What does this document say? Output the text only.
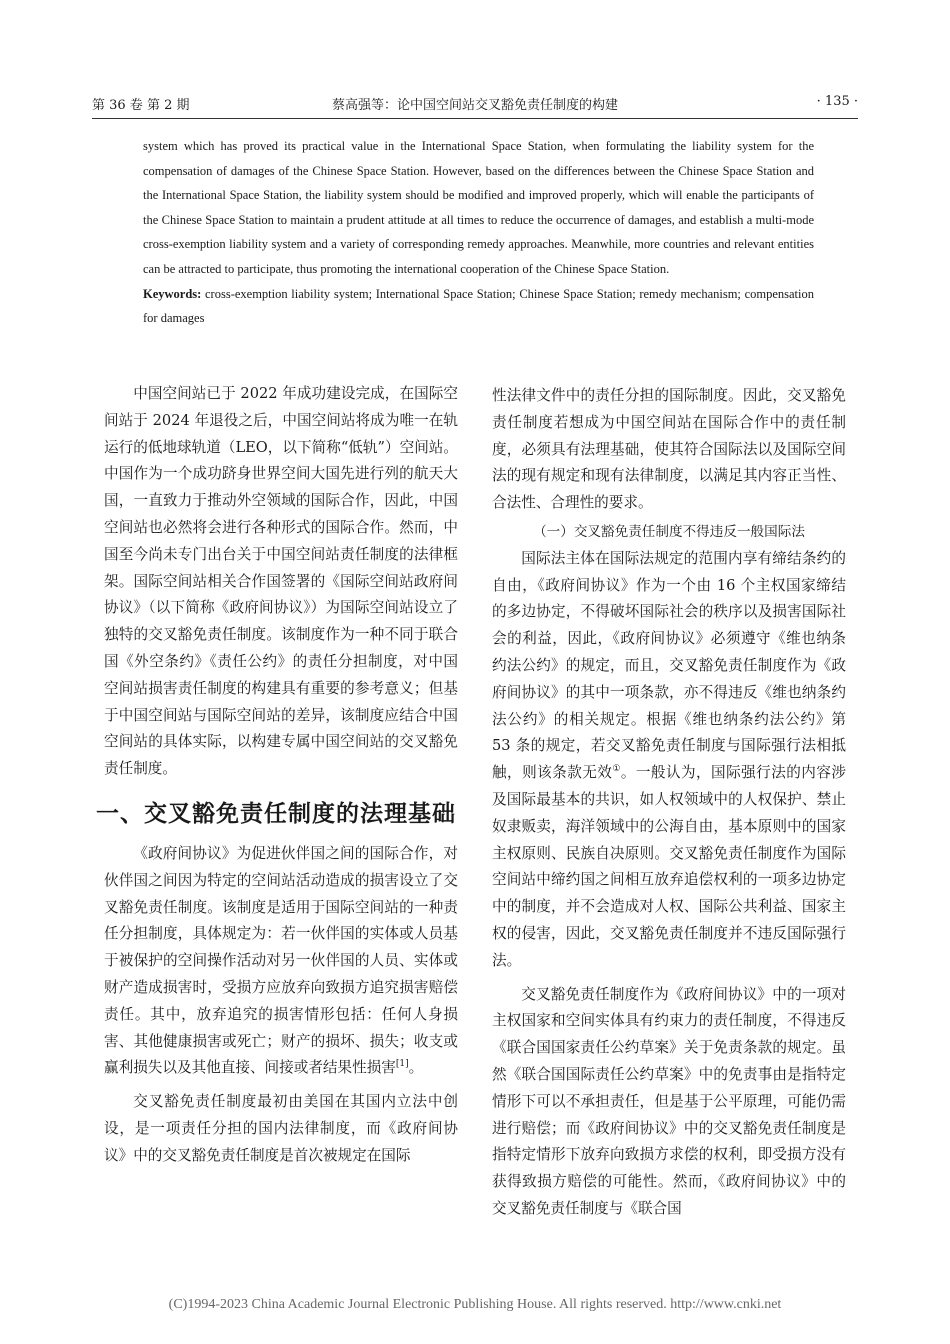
蔡高强等：论中国空间站交叉豁免责任制度的构建
第 36 卷 第 2 期	· 135 ·

system which has proved its practical value in the International Space Station, when formulating the liability system for the compensation of damages of the Chinese Space Station. However, based on the differences between the Chinese Space Station and the International Space Station, the liability system should be modified and improved properly, which will enable the participants of the Chinese Space Station to maintain a prudent attitude at all times to reduce the occurrence of damages, and establish a multi-mode cross-exemption liability system and a variety of corresponding remedy approaches. Meanwhile, more countries and relevant entities can be attracted to participate, thus promoting the international cooperation of the Chinese Space Station.

Keywords: cross-exemption liability system; International Space Station; Chinese Space Station; remedy mechanism; compensation for damages

中国空间站已于 2022 年成功建设完成，在国际空间站于 2024 年退役之后，中国空间站将成为唯一在轨运行的低地球轨道（LEO，以下简称“低轨”）空间站。中国作为一个成功跻身世界空间大国先进行列的航天大国，一直致力于推动外空领域的国际合作，因此，中国空间站也必然将会进行各种形式的国际合作。然而，中国至今尚未专门出台关于中国空间站责任制度的法律框架。国际空间站相关合作国签署的《国际空间站政府间协议》（以下简称《政府间协议》）为国际空间站设立了独特的交叉豁免责任制度。该制度作为一种不同于联合国《外空条约》《责任公约》的责任分担制度，对中国空间站损害责任制度的构建具有重要的参考意义；但基于中国空间站与国际空间站的差异，该制度应结合中国空间站的具体实际，以构建专属中国空间站的交叉豁免责任制度。

一、交叉豁免责任制度的法理基础

《政府间协议》为促进伙伴国之间的国际合作，对伙伴国之间因为特定的空间站活动造成的损害设立了交叉豁免责任制度。该制度是适用于国际空间站的一种责任分担制度，具体规定为：若一伙伴国的实体或人员基于被保护的空间操作活动对另一伙伴国的人员、实体或财产造成损害时，受损方应放弃向致损方追究损害赔偿责任。其中，放弃追究的损害情形包括：任何人身损害、其他健康损害或死亡；财产的损坏、损失；收支或赢利损失以及其他直接、间接或者结果性损害[1]。

交叉豁免责任制度最初由美国在其国内立法中创设，是一项责任分担的国内法律制度，而《政府间协议》中的交叉豁免责任制度是首次被规定在国际

性法律文件中的责任分担的国际制度。因此，交叉豁免责任制度若想成为中国空间站在国际合作中的责任制度，必须具有法理基础，使其符合国际法以及国际空间法的现有规定和现有法律制度，以满足其内容正当性、合法性、合理性的要求。

（一）交叉豁免责任制度不得违反一般国际法

国际法主体在国际法规定的范围内享有缔结条约的自由，《政府间协议》作为一个由 16 个主权国家缔结的多边协定，不得破坏国际社会的秩序以及损害国际社会的利益，因此，《政府间协议》必须遵守《维也纳条约法公约》的规定，而且，交叉豁免责任制度作为《政府间协议》的其中一项条款，亦不得违反《维也纳条约法公约》的相关规定。根据《维也纳条约法公约》第 53 条的规定，若交叉豁免责任制度与国际强行法相抵触，则该条款无效①。一般认为，国际强行法的内容涉及国际最基本的共识，如人权领域中的人权保护、禁止奴隶贩卖，海洋领域中的公海自由，基本原则中的国家主权原则、民族自决原则。交叉豁免责任制度作为国际空间站中缔约国之间相互放弃追偿权利的一项多边协定中的制度，并不会造成对人权、国际公共利益、国家主权的侵害，因此，交叉豁免责任制度并不违反国际强行法。

交叉豁免责任制度作为《政府间协议》中的一项对主权国家和空间实体具有约束力的责任制度，不得违反《联合国国家责任公约草案》关于免责条款的规定。虽然《联合国国际责任公约草案》中的免责事由是指特定情形下可以不承担责任，但是基于公平原理，可能仍需进行赔偿；而《政府间协议》中的交叉豁免责任制度是指特定情形下放弃向致损方求偿的权利，即受损方没有获得致损方赔偿的可能性。然而，《政府间协议》中的交叉豁免责任制度与《联合国

(C)1994-2023 China Academic Journal Electronic Publishing House. All rights reserved. http://www.cnki.net
